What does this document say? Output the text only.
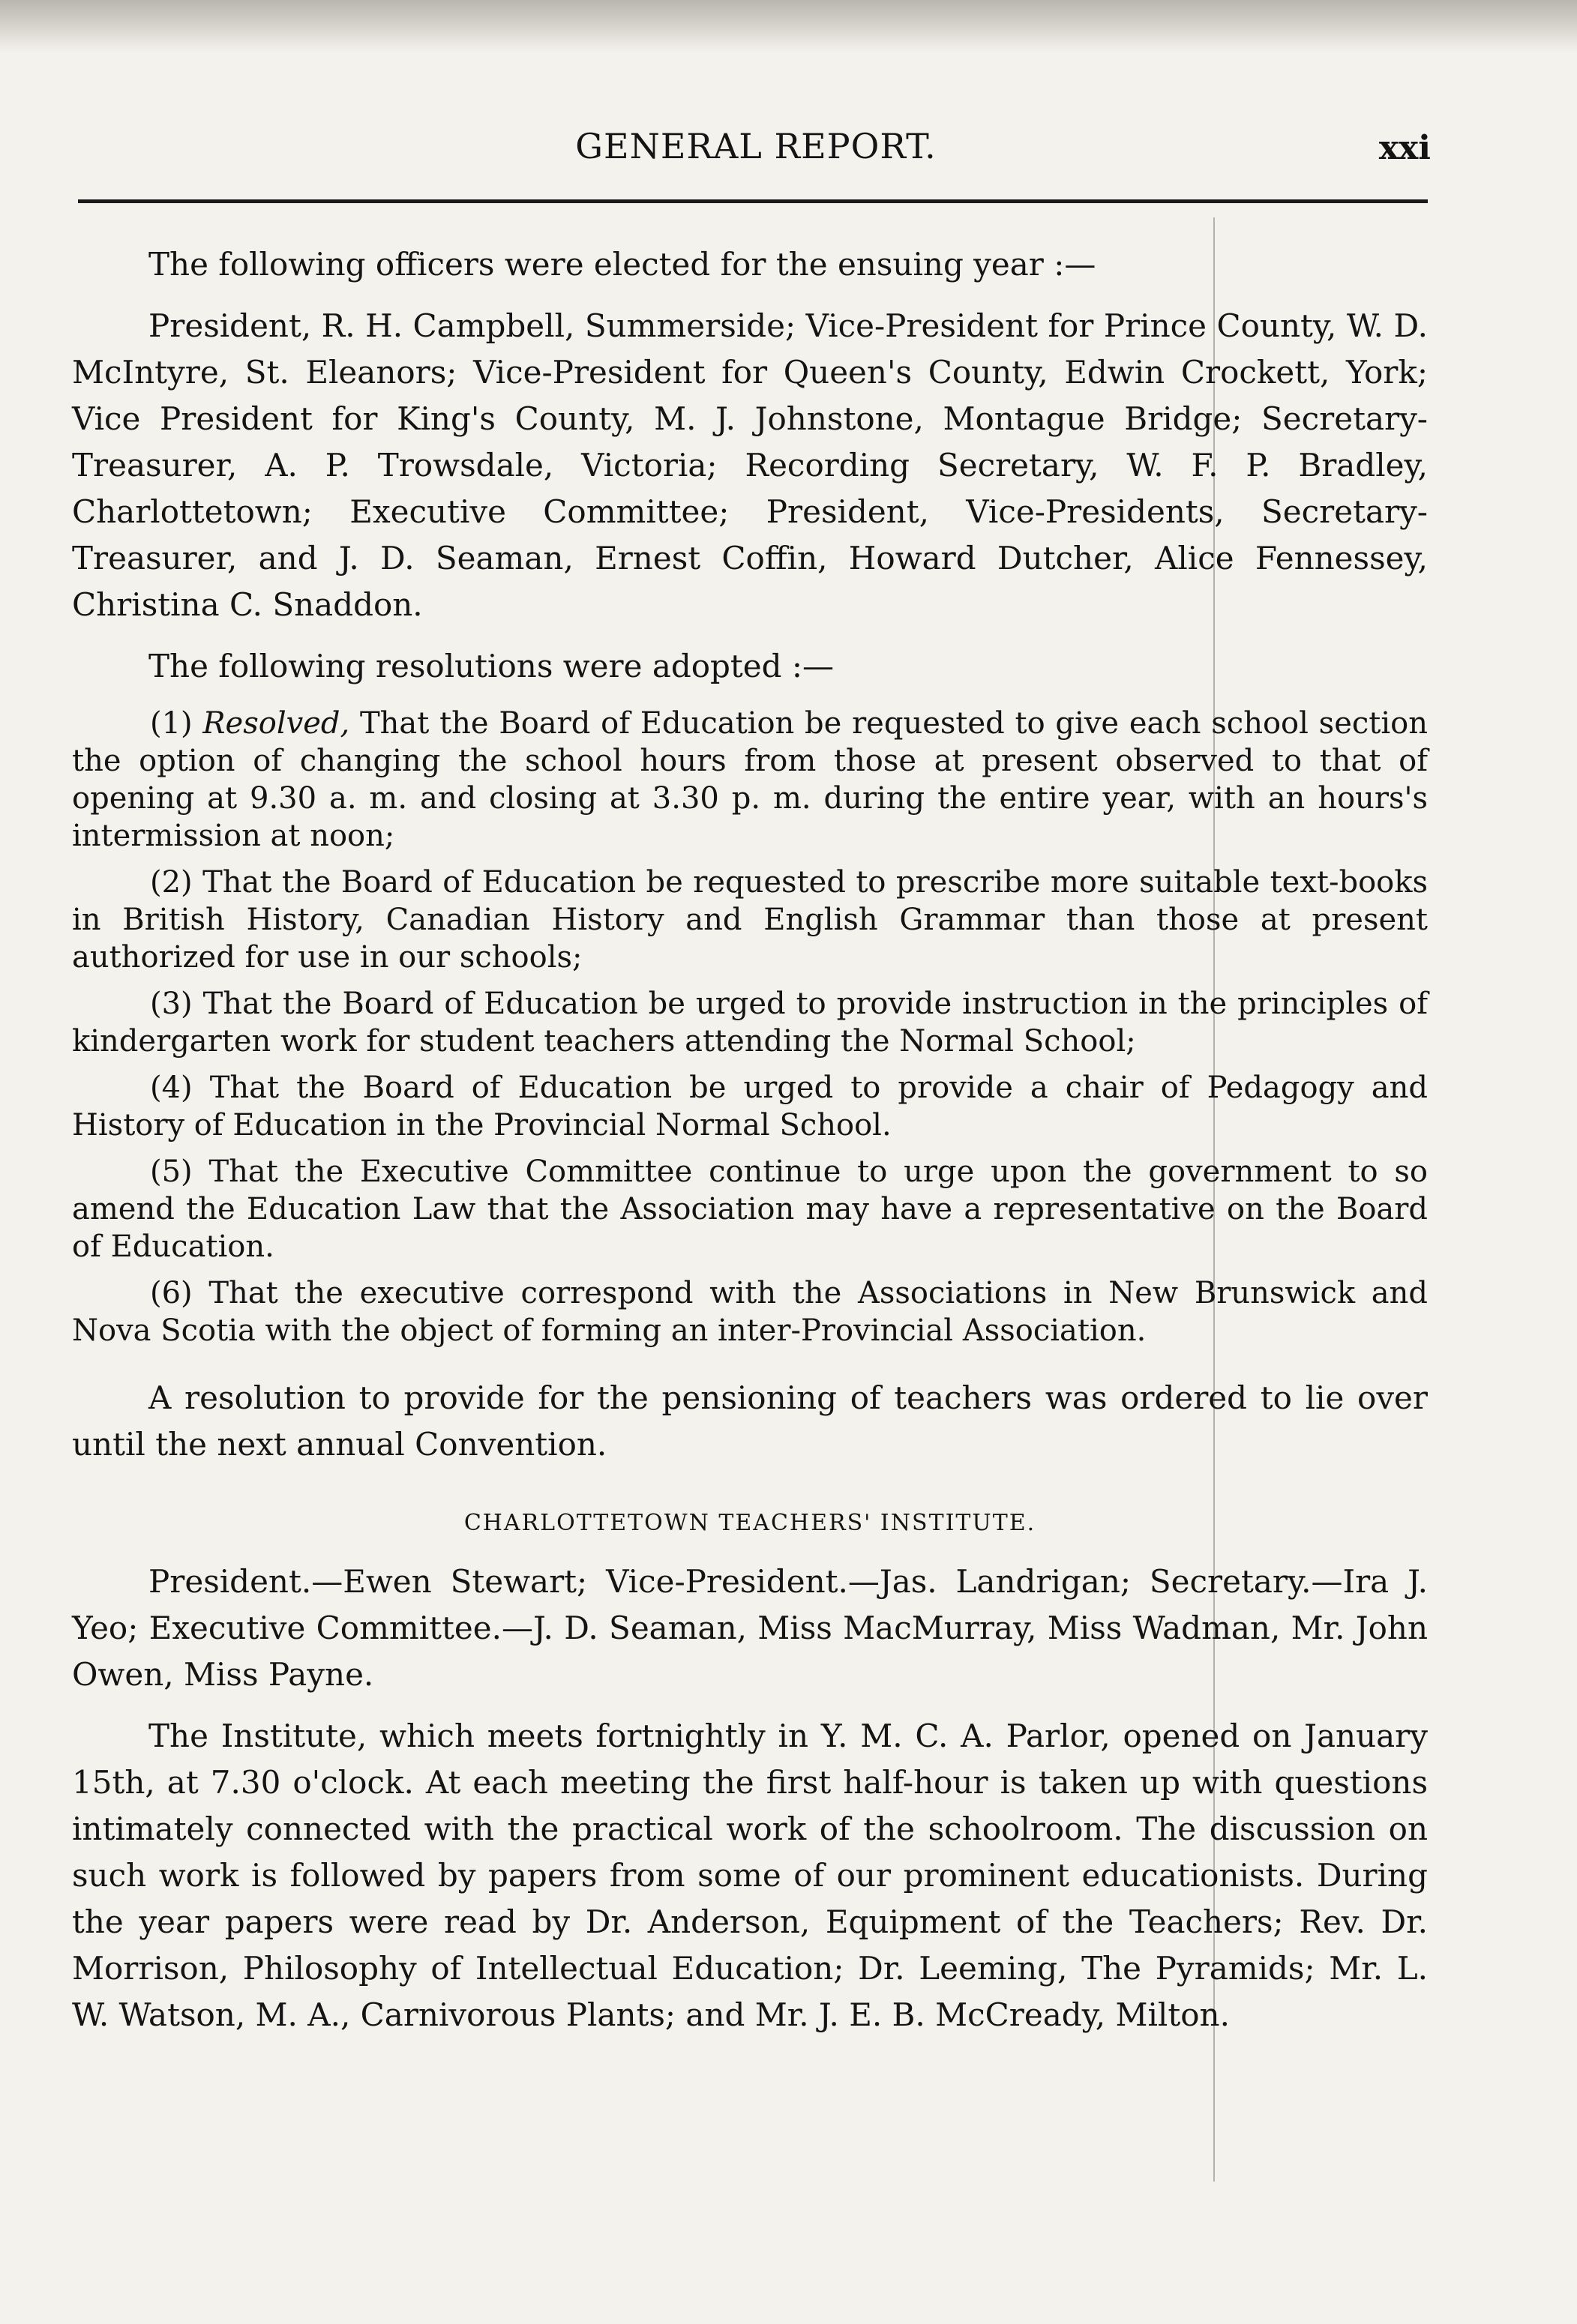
GENERAL REPORT.	xxi

The following officers were elected for the ensuing year :—

President, R. H. Campbell, Summerside; Vice-President for Prince County, W. D. McIntyre, St. Eleanors; Vice-President for Queen's County, Edwin Crockett, York; Vice President for King's County, M. J. Johnstone, Montague Bridge; Secretary-Treasurer, A. P. Trowsdale, Victoria; Recording Secretary, W. F. P. Bradley, Charlottetown; Executive Committee; President, Vice-Presidents, Secretary-Treasurer, and J. D. Seaman, Ernest Coffin, Howard Dutcher, Alice Fennessey, Christina C. Snaddon.

The following resolutions were adopted :—

(1) Resolved, That the Board of Education be requested to give each school section the option of changing the school hours from those at present observed to that of opening at 9.30 a. m. and closing at 3.30 p. m. during the entire year, with an hours's intermission at noon;

(2) That the Board of Education be requested to prescribe more suitable text-books in British History, Canadian History and English Grammar than those at present authorized for use in our schools;

(3) That the Board of Education be urged to provide instruction in the principles of kindergarten work for student teachers attending the Normal School;

(4) That the Board of Education be urged to provide a chair of Pedagogy and History of Education in the Provincial Normal School.

(5) That the Executive Committee continue to urge upon the government to so amend the Education Law that the Association may have a representative on the Board of Education.

(6) That the executive correspond with the Associations in New Brunswick and Nova Scotia with the object of forming an inter-Provincial Association.

A resolution to provide for the pensioning of teachers was ordered to lie over until the next annual Convention.

CHARLOTTETOWN TEACHERS' INSTITUTE.

President.—Ewen Stewart; Vice-President.—Jas. Landrigan; Secretary.—Ira J. Yeo; Executive Committee.—J. D. Seaman, Miss MacMurray, Miss Wadman, Mr. John Owen, Miss Payne.

The Institute, which meets fortnightly in Y. M. C. A. Parlor, opened on January 15th, at 7.30 o'clock. At each meeting the first half-hour is taken up with questions intimately connected with the practical work of the schoolroom. The discussion on such work is followed by papers from some of our prominent educationists. During the year papers were read by Dr. Anderson, Equipment of the Teachers; Rev. Dr. Morrison, Philosophy of Intellectual Education; Dr. Leeming, The Pyramids; Mr. L. W. Watson, M. A., Carnivorous Plants; and Mr. J. E. B. McCready, Milton.
